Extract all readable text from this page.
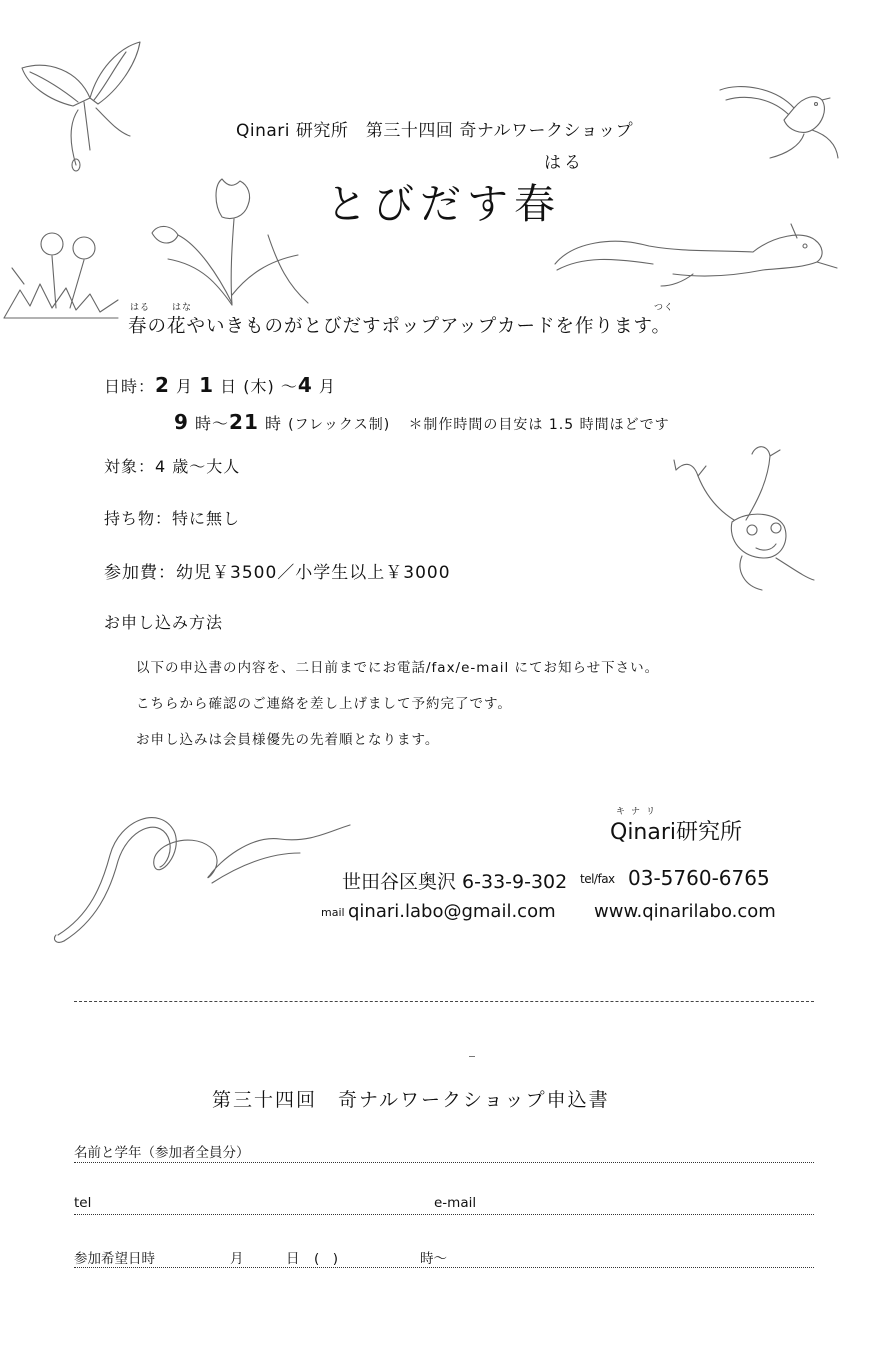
Qinari 研究所　第三十四回 奇ナルワークショップ
はる
とびだす春
はる はな	つく
春の花やいきものがとびだすポップアップカードを作ります。
日時：2 月 1 日 (木) ～4 月
9 時～21 時 (フレックス制) ＊制作時間の目安は 1.5 時間ほどです
対象：4 歳～大人
持ち物：特に無し
参加費：幼児￥3500／小学生以上￥3000
お申し込み方法
以下の申込書の内容を、二日前までにお電話/fax/e-mail にてお知らせ下さい。
こちらから確認のご連絡を差し上げまして予約完了です。
お申し込みは会員様優先の先着順となります。
キナリ
Qinari研究所
世田谷区奥沢 6-33-9-302 tel/fax 03-5760-6765
mail qinari.labo@gmail.com www.qinarilabo.com
第三十四回　奇ナルワークショップ申込書
名前と学年（参加者全員分）
tel	e-mail
参加希望日時	月	日 (　)	時～
